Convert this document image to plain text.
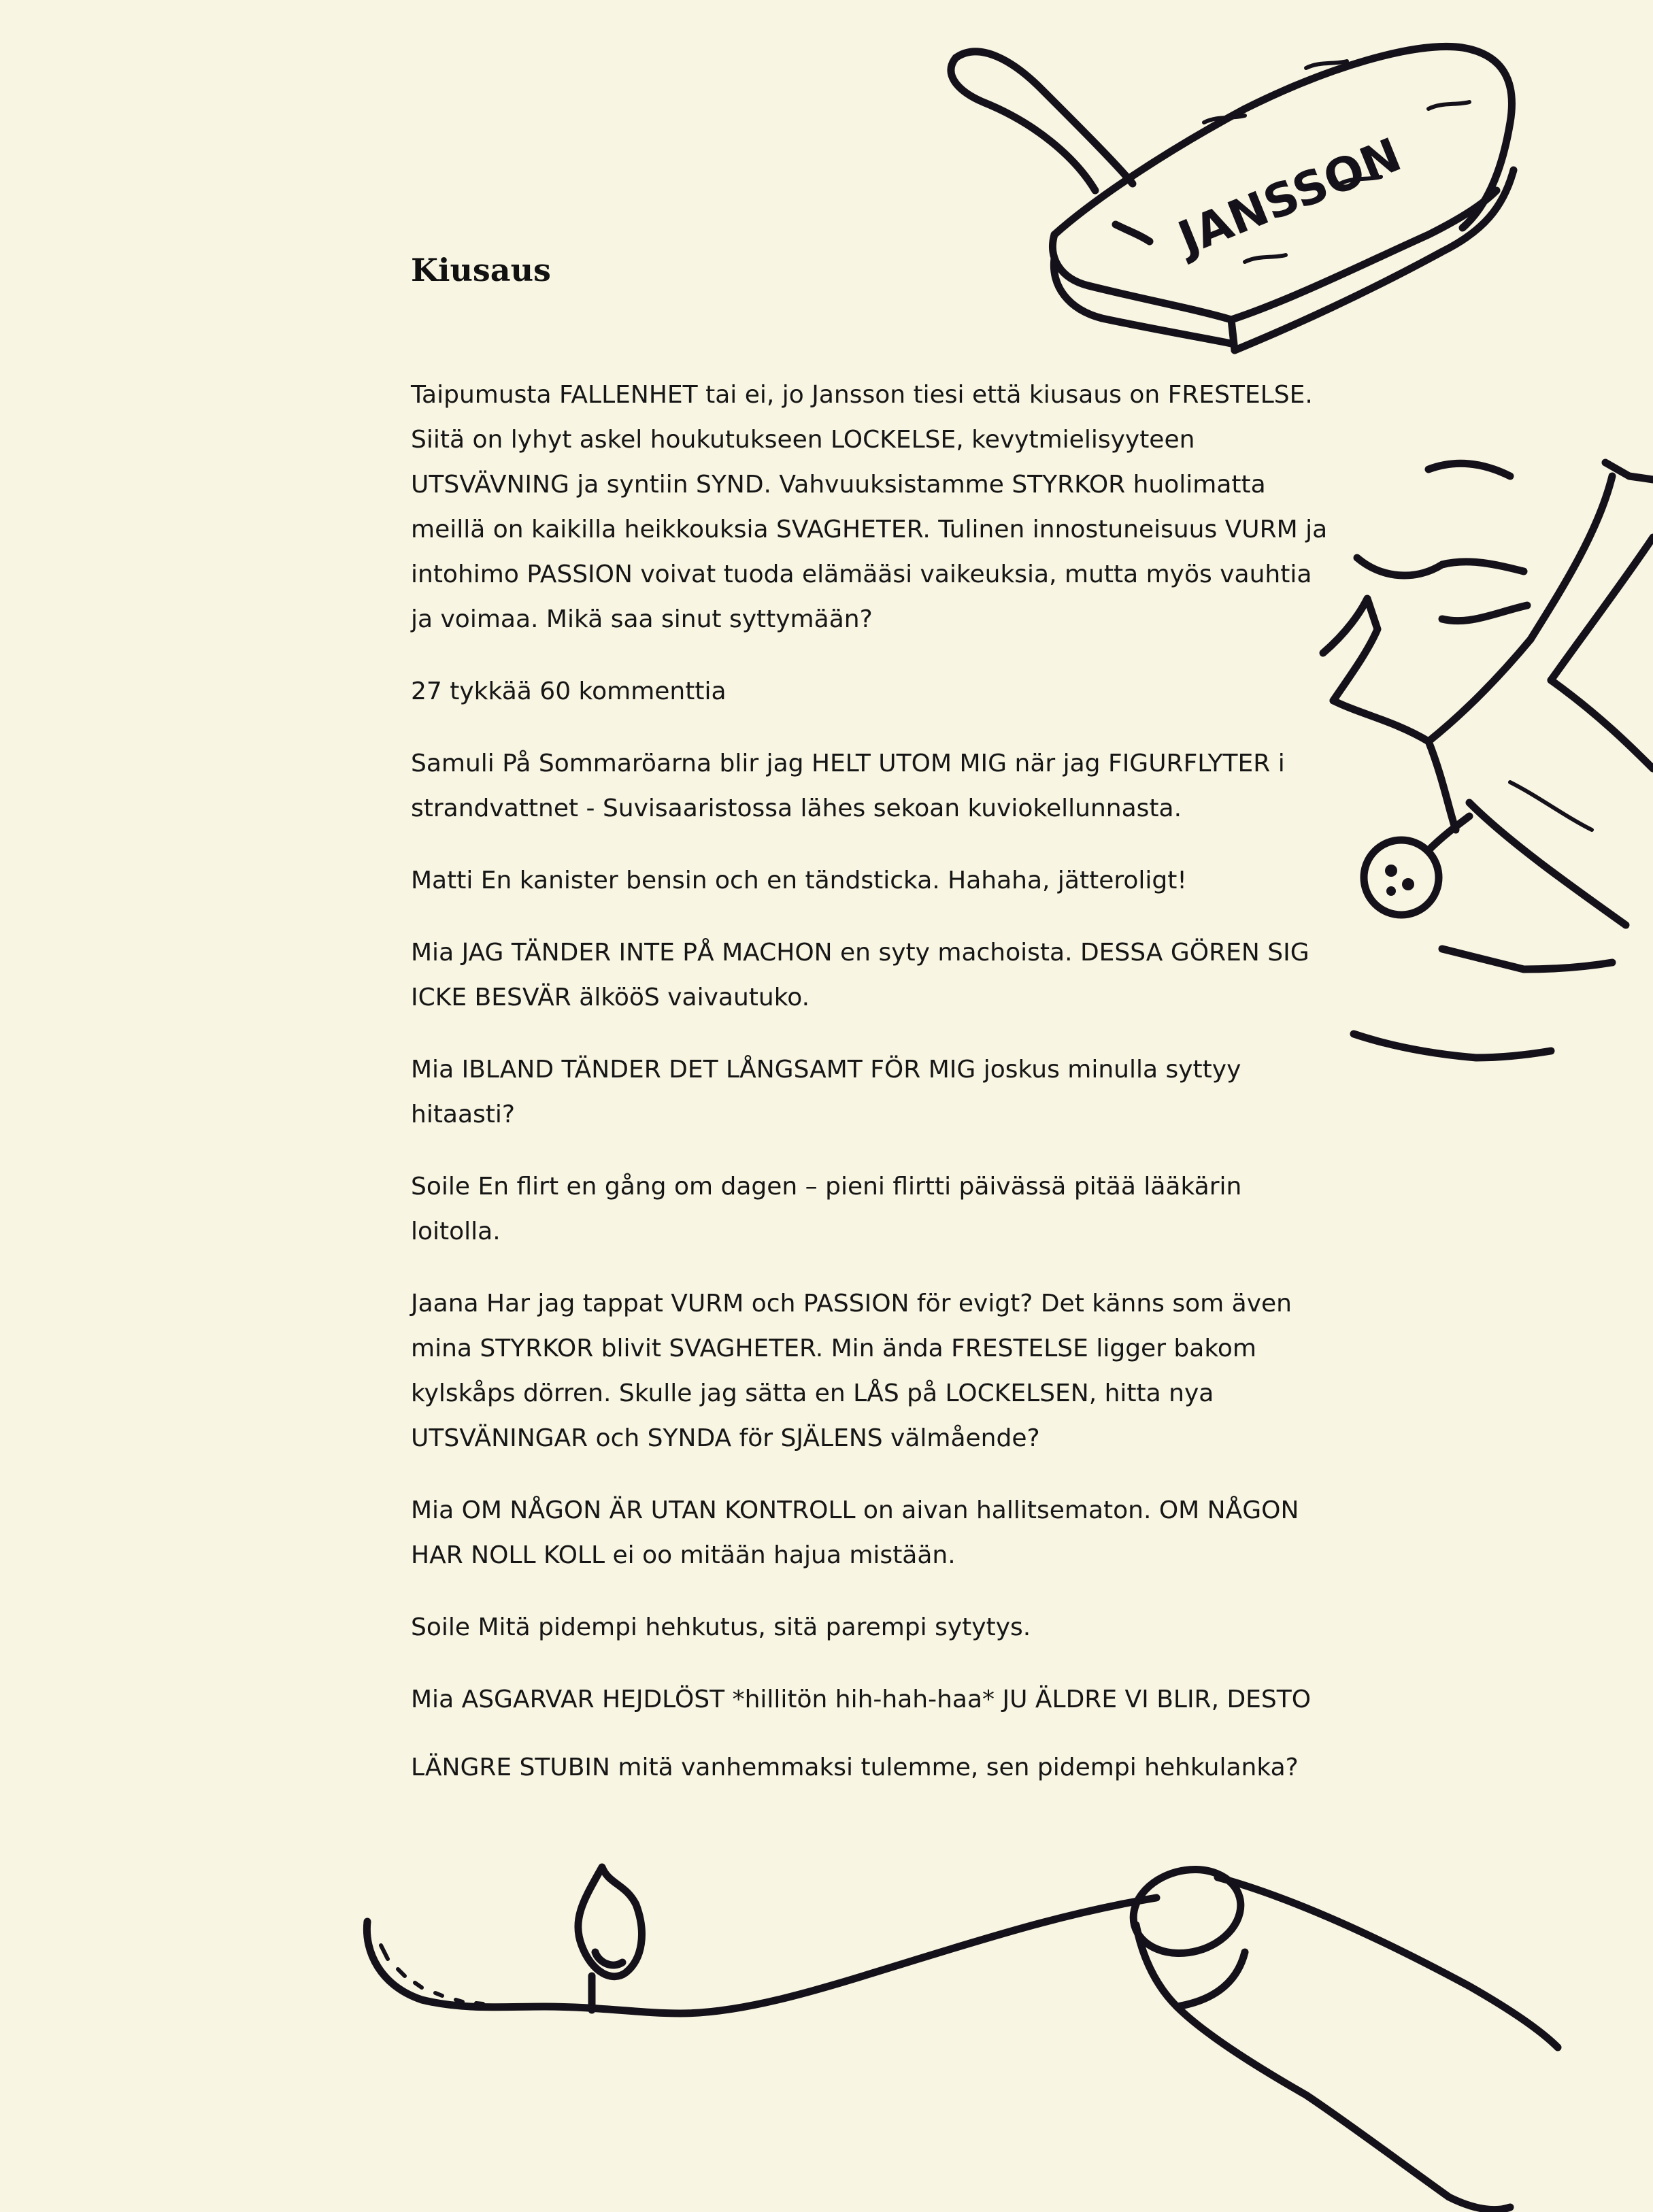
JANSSON
Kiusaus

Taipumusta FALLENHET tai ei, jo Jansson tiesi että kiusaus on FRESTELSE. Siitä on lyhyt askel houkutukseen LOCKELSE, kevytmielisyyteen UTSVÄVNING ja syntiin SYND. Vahvuuksistamme STYRKOR huolimatta meillä on kaikilla heikkouksia SVAGHETER. Tulinen innostuneisuus VURM ja intohimo PASSION voivat tuoda elämääsi vaikeuksia, mutta myös vauhtia ja voimaa. Mikä saa sinut syttymään?

27 tykkää 60 kommenttia

Samuli På Sommaröarna blir jag HELT UTOM MIG när jag FIGURFLYTER i strandvattnet - Suvisaaristossa lähes sekoan kuviokellunnasta.

Matti En kanister bensin och en tändsticka. Hahaha, jätteroligt!

Mia JAG TÄNDER INTE PÅ MACHON en syty machoista. DESSA GÖREN SIG ICKE BESVÄR älkööS vaivautuko.

Mia IBLAND TÄNDER DET LÅNGSAMT FÖR MIG joskus minulla syttyy hitaasti?

Soile En flirt en gång om dagen – pieni flirtti päivässä pitää lääkärin loitolla.

Jaana Har jag tappat VURM och PASSION för evigt? Det känns som även mina STYRKOR blivit SVAGHETER. Min ända FRESTELSE ligger bakom kylskåps dörren. Skulle jag sätta en LÅS på LOCKELSEN, hitta nya UTSVÄNINGAR och SYNDA för SJÄLENS välmående?

Mia OM NÅGON ÄR UTAN KONTROLL on aivan hallitsematon. OM NÅGON HAR NOLL KOLL ei oo mitään hajua mistään.

Soile Mitä pidempi hehkutus, sitä parempi sytytys.

Mia ASGARVAR HEJDLÖST *hillitön hih-hah-haa* JU ÄLDRE VI BLIR, DESTO

LÄNGRE STUBIN mitä vanhemmaksi tulemme, sen pidempi hehkulanka?
